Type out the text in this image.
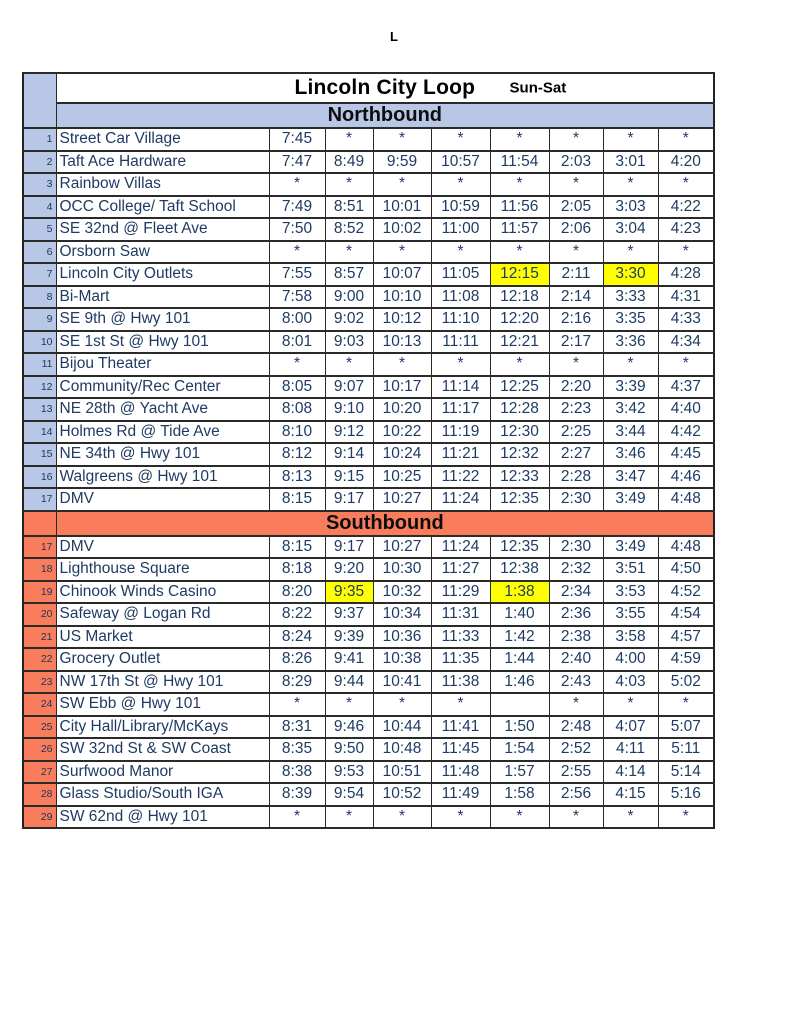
L
	Lincoln City Loop Sun-Sat								

	Northbound								
1	Street Car Village	7:45	*	*	*	*	*	*	*
2	Taft Ace Hardware	7:47	8:49	9:59	10:57	11:54	2:03	3:01	4:20
3	Rainbow Villas	*	*	*	*	*	*	*	*
4	OCC College/ Taft School	7:49	8:51	10:01	10:59	11:56	2:05	3:03	4:22
5	SE 32nd @ Fleet Ave	7:50	8:52	10:02	11:00	11:57	2:06	3:04	4:23
6	Orsborn Saw	*	*	*	*	*	*	*	*
7	Lincoln City Outlets	7:55	8:57	10:07	11:05	12:15	2:11	3:30	4:28
8	Bi-Mart	7:58	9:00	10:10	11:08	12:18	2:14	3:33	4:31
9	SE 9th @ Hwy 101	8:00	9:02	10:12	11:10	12:20	2:16	3:35	4:33
10	SE 1st St @ Hwy 101	8:01	9:03	10:13	11:11	12:21	2:17	3:36	4:34
11	Bijou Theater	*	*	*	*	*	*	*	*
12	Community/Rec Center	8:05	9:07	10:17	11:14	12:25	2:20	3:39	4:37
13	NE 28th @ Yacht Ave	8:08	9:10	10:20	11:17	12:28	2:23	3:42	4:40
14	Holmes Rd @ Tide Ave	8:10	9:12	10:22	11:19	12:30	2:25	3:44	4:42
15	NE 34th @ Hwy 101	8:12	9:14	10:24	11:21	12:32	2:27	3:46	4:45
16	Walgreens @ Hwy 101	8:13	9:15	10:25	11:22	12:33	2:28	3:47	4:46
17	DMV	8:15	9:17	10:27	11:24	12:35	2:30	3:49	4:48
	Southbound								
17	DMV	8:15	9:17	10:27	11:24	12:35	2:30	3:49	4:48
18	Lighthouse Square	8:18	9:20	10:30	11:27	12:38	2:32	3:51	4:50
19	Chinook Winds Casino	8:20	9:35	10:32	11:29	1:38	2:34	3:53	4:52
20	Safeway @ Logan Rd	8:22	9:37	10:34	11:31	1:40	2:36	3:55	4:54
21	US Market	8:24	9:39	10:36	11:33	1:42	2:38	3:58	4:57
22	Grocery Outlet	8:26	9:41	10:38	11:35	1:44	2:40	4:00	4:59
23	NW 17th St @ Hwy 101	8:29	9:44	10:41	11:38	1:46	2:43	4:03	5:02
24	SW Ebb @ Hwy 101	*	*	*	*		*	*	*
25	City Hall/Library/McKays	8:31	9:46	10:44	11:41	1:50	2:48	4:07	5:07
26	SW 32nd St & SW Coast	8:35	9:50	10:48	11:45	1:54	2:52	4:11	5:11
27	Surfwood Manor	8:38	9:53	10:51	11:48	1:57	2:55	4:14	5:14
28	Glass Studio/South IGA	8:39	9:54	10:52	11:49	1:58	2:56	4:15	5:16
29	SW 62nd @ Hwy 101	*	*	*	*	*	*	*	*
